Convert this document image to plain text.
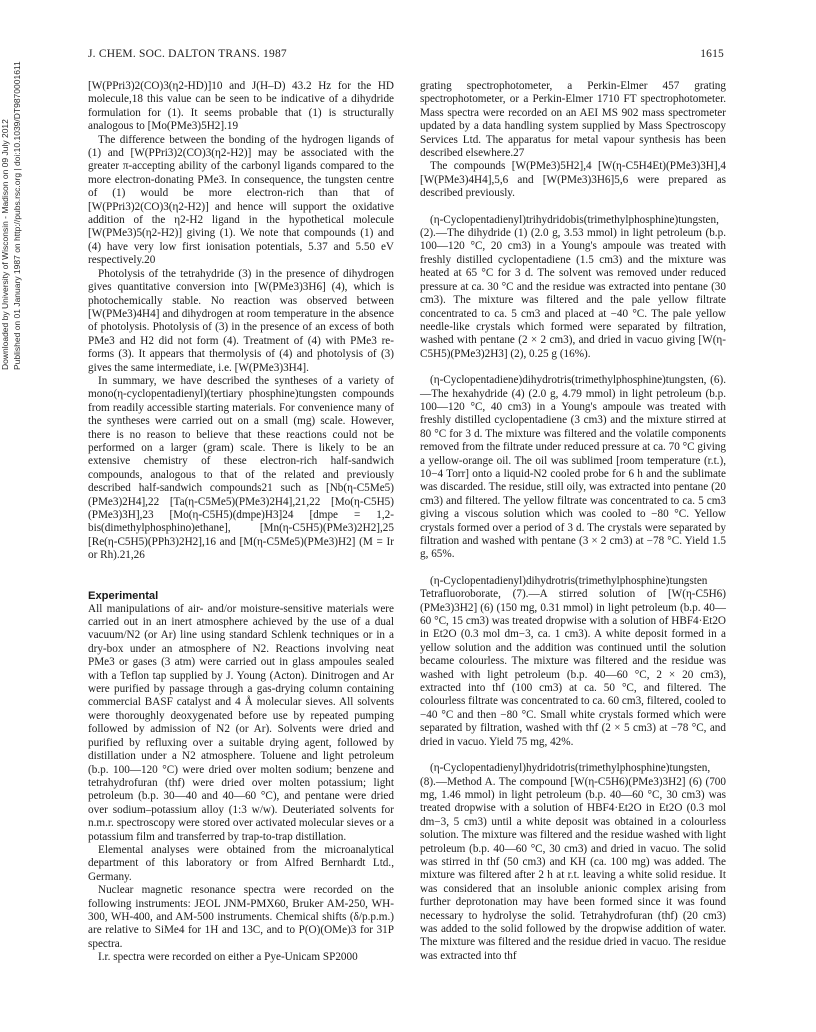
J. CHEM. SOC. DALTON TRANS. 1987	1615
Published on 01 January 1987 on http://pubs.rsc.org | doi:10.1039/DT9870001611
Downloaded by University of Wisconsin - Madison on 09 July 2012

[W(PPri3)2(CO)3(η2-HD)]10 and J(H–D) 43.2 Hz for the HD molecule,18 this value can be seen to be indicative of a dihydride formulation for (1). It seems probable that (1) is structurally analogous to [Mo(PMe3)5H2].19

The difference between the bonding of the hydrogen ligands of (1) and [W(PPri3)2(CO)3(η2-H2)] may be associated with the greater π-accepting ability of the carbonyl ligands compared to the more electron-donating PMe3. In consequence, the tungsten centre of (1) would be more electron-rich than that of [W(PPri3)2(CO)3(η2-H2)] and hence will support the oxidative addition of the η2-H2 ligand in the hypothetical molecule [W(PMe3)5(η2-H2)] giving (1). We note that compounds (1) and (4) have very low first ionisation potentials, 5.37 and 5.50 eV respectively.20

Photolysis of the tetrahydride (3) in the presence of dihydrogen gives quantitative conversion into [W(PMe3)3H6] (4), which is photochemically stable. No reaction was observed between [W(PMe3)4H4] and dihydrogen at room temperature in the absence of photolysis. Photolysis of (3) in the presence of an excess of both PMe3 and H2 did not form (4). Treatment of (4) with PMe3 re-forms (3). It appears that thermolysis of (4) and photolysis of (3) gives the same intermediate, i.e. [W(PMe3)3H4].

In summary, we have described the syntheses of a variety of mono(η-cyclopentadienyl)(tertiary phosphine)tungsten compounds from readily accessible starting materials. For convenience many of the syntheses were carried out on a small (mg) scale. However, there is no reason to believe that these reactions could not be performed on a larger (gram) scale. There is likely to be an extensive chemistry of these electron-rich half-sandwich compounds, analogous to that of the related and previously described half-sandwich compounds21 such as [Nb(η-C5Me5)(PMe3)2H4],22 [Ta(η-C5Me5)(PMe3)2H4],21,22 [Mo(η-C5H5)(PMe3)3H],23 [Mo(η-C5H5)(dmpe)H3]24 [dmpe = 1,2-bis(dimethylphosphino)ethane], [Mn(η-C5H5)(PMe3)2H2],25 [Re(η-C5H5)(PPh3)2H2],16 and [M(η-C5Me5)(PMe3)H2] (M = Ir or Rh).21,26

Experimental

All manipulations of air- and/or moisture-sensitive materials were carried out in an inert atmosphere achieved by the use of a dual vacuum/N2 (or Ar) line using standard Schlenk techniques or in a dry-box under an atmosphere of N2. Reactions involving neat PMe3 or gases (3 atm) were carried out in glass ampoules sealed with a Teflon tap supplied by J. Young (Acton). Dinitrogen and Ar were purified by passage through a gas-drying column containing commercial BASF catalyst and 4 Å molecular sieves. All solvents were thoroughly deoxygenated before use by repeated pumping followed by admission of N2 (or Ar). Solvents were dried and purified by refluxing over a suitable drying agent, followed by distillation under a N2 atmosphere. Toluene and light petroleum (b.p. 100—120 °C) were dried over molten sodium; benzene and tetrahydrofuran (thf) were dried over molten potassium; light petroleum (b.p. 30—40 and 40—60 °C), and pentane were dried over sodium–potassium alloy (1:3 w/w). Deuteriated solvents for n.m.r. spectroscopy were stored over activated molecular sieves or a potassium film and transferred by trap-to-trap distillation.

Elemental analyses were obtained from the microanalytical department of this laboratory or from Alfred Bernhardt Ltd., Germany.

Nuclear magnetic resonance spectra were recorded on the following instruments: JEOL JNM-PMX60, Bruker AM-250, WH-300, WH-400, and AM-500 instruments. Chemical shifts (δ/p.p.m.) are relative to SiMe4 for 1H and 13C, and to P(O)(OMe)3 for 31P spectra.

I.r. spectra were recorded on either a Pye-Unicam SP2000

grating spectrophotometer, a Perkin-Elmer 457 grating spectrophotometer, or a Perkin-Elmer 1710 FT spectrophotometer. Mass spectra were recorded on an AEI MS 902 mass spectrometer updated by a data handling system supplied by Mass Spectroscopy Services Ltd. The apparatus for metal vapour synthesis has been described elsewhere.27

The compounds [W(PMe3)5H2],4 [W(η-C5H4Et)(PMe3)3H],4 [W(PMe3)4H4],5,6 and [W(PMe3)3H6]5,6 were prepared as described previously.

(η-Cyclopentadienyl)trihydridobis(trimethylphosphine)tungsten, (2).—The dihydride (1) (2.0 g, 3.53 mmol) in light petroleum (b.p. 100—120 °C, 20 cm3) in a Young's ampoule was treated with freshly distilled cyclopentadiene (1.5 cm3) and the mixture was heated at 65 °C for 3 d. The solvent was removed under reduced pressure at ca. 30 °C and the residue was extracted into pentane (30 cm3). The mixture was filtered and the pale yellow filtrate concentrated to ca. 5 cm3 and placed at −40 °C. The pale yellow needle-like crystals which formed were separated by filtration, washed with pentane (2 × 2 cm3), and dried in vacuo giving [W(η-C5H5)(PMe3)2H3] (2), 0.25 g (16%).

(η-Cyclopentadiene)dihydrotris(trimethylphosphine)tungsten, (6).—The hexahydride (4) (2.0 g, 4.79 mmol) in light petroleum (b.p. 100—120 °C, 40 cm3) in a Young's ampoule was treated with freshly distilled cyclopentadiene (3 cm3) and the mixture stirred at 80 °C for 3 d. The mixture was filtered and the volatile components removed from the filtrate under reduced pressure at ca. 70 °C giving a yellow-orange oil. The oil was sublimed [room temperature (r.t.), 10−4 Torr] onto a liquid-N2 cooled probe for 6 h and the sublimate was discarded. The residue, still oily, was extracted into pentane (20 cm3) and filtered. The yellow filtrate was concentrated to ca. 5 cm3 giving a viscous solution which was cooled to −80 °C. Yellow crystals formed over a period of 3 d. The crystals were separated by filtration and washed with pentane (3 × 2 cm3) at −78 °C. Yield 1.5 g, 65%.

(η-Cyclopentadienyl)dihydrotris(trimethylphosphine)tungsten Tetrafluoroborate, (7).—A stirred solution of [W(η-C5H6)(PMe3)3H2] (6) (150 mg, 0.31 mmol) in light petroleum (b.p. 40—60 °C, 15 cm3) was treated dropwise with a solution of HBF4·Et2O in Et2O (0.3 mol dm−3, ca. 1 cm3). A white deposit formed in a yellow solution and the addition was continued until the solution became colourless. The mixture was filtered and the residue was washed with light petroleum (b.p. 40—60 °C, 2 × 20 cm3), extracted into thf (100 cm3) at ca. 50 °C, and filtered. The colourless filtrate was concentrated to ca. 60 cm3, filtered, cooled to −40 °C and then −80 °C. Small white crystals formed which were separated by filtration, washed with thf (2 × 5 cm3) at −78 °C, and dried in vacuo. Yield 75 mg, 42%.

(η-Cyclopentadienyl)hydridotris(trimethylphosphine)tungsten, (8).—Method A. The compound [W(η-C5H6)(PMe3)3H2] (6) (700 mg, 1.46 mmol) in light petroleum (b.p. 40—60 °C, 30 cm3) was treated dropwise with a solution of HBF4·Et2O in Et2O (0.3 mol dm−3, 5 cm3) until a white deposit was obtained in a colourless solution. The mixture was filtered and the residue washed with light petroleum (b.p. 40—60 °C, 30 cm3) and dried in vacuo. The solid was stirred in thf (50 cm3) and KH (ca. 100 mg) was added. The mixture was filtered after 2 h at r.t. leaving a white solid residue. It was considered that an insoluble anionic complex arising from further deprotonation may have been formed since it was found necessary to hydrolyse the solid. Tetrahydrofuran (thf) (20 cm3) was added to the solid followed by the dropwise addition of water. The mixture was filtered and the residue dried in vacuo. The residue was extracted into thf
